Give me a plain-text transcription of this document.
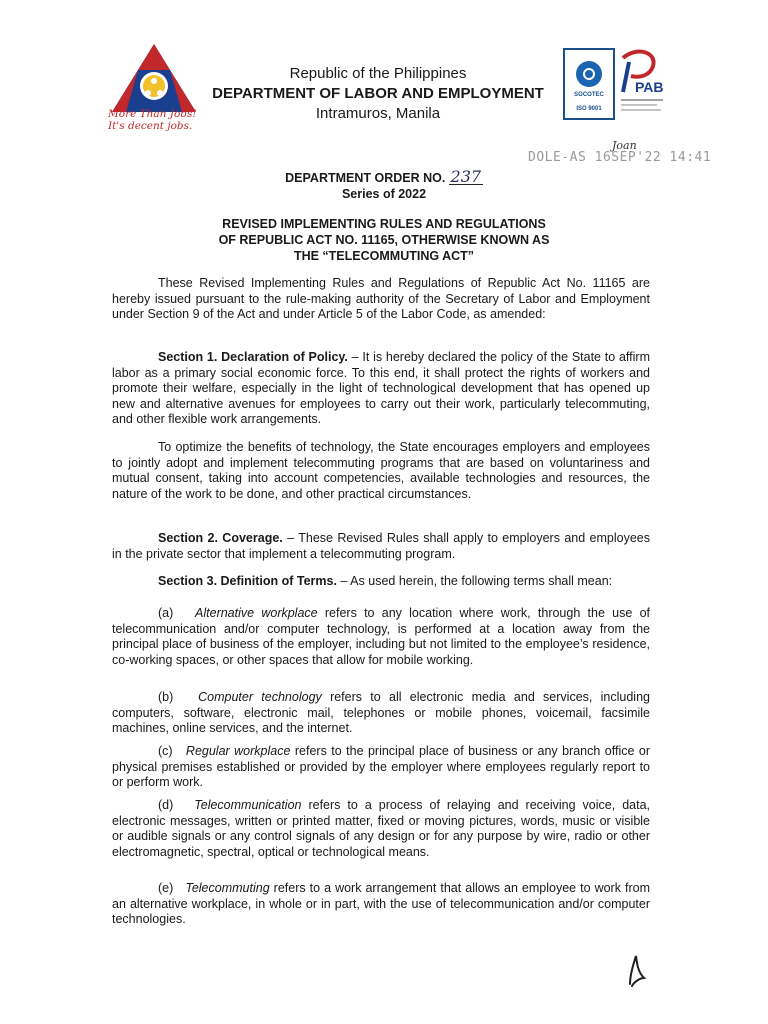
More Than Jobs!
It's decent jobs.
Republic of the Philippines
DEPARTMENT OF LABOR AND EMPLOYMENT
Intramuros, Manila
SOCOTEC
ISO 9001
PAB
Joan
DOLE-AS 16SEP'22 14:41
DEPARTMENT ORDER NO. 237
Series of 2022
REVISED IMPLEMENTING RULES AND REGULATIONS
OF REPUBLIC ACT NO. 11165, OTHERWISE KNOWN AS
THE “TELECOMMUTING ACT”

These Revised Implementing Rules and Regulations of Republic Act No. 11165 are hereby issued pursuant to the rule-making authority of the Secretary of Labor and Employment under Section 9 of the Act and under Article 5 of the Labor Code, as amended:

Section 1. Declaration of Policy. – It is hereby declared the policy of the State to affirm labor as a primary social economic force. To this end, it shall protect the rights of workers and promote their welfare, especially in the light of technological development that has opened up new and alternative avenues for employees to carry out their work, particularly telecommuting, and other flexible work arrangements.

To optimize the benefits of technology, the State encourages employers and employees to jointly adopt and implement telecommuting programs that are based on voluntariness and mutual consent, taking into account competencies, available technologies and resources, the nature of the work to be done, and other practical circumstances.

Section 2. Coverage. – These Revised Rules shall apply to employers and employees in the private sector that implement a telecommuting program.

Section 3. Definition of Terms. – As used herein, the following terms shall mean:

(a) Alternative workplace refers to any location where work, through the use of telecommunication and/or computer technology, is performed at a location away from the principal place of business of the employer, including but not limited to the employee’s residence, co-working spaces, or other spaces that allow for mobile working.

(b) Computer technology refers to all electronic media and services, including computers, software, electronic mail, telephones or mobile phones, voicemail, facsimile machines, online services, and the internet.

(c) Regular workplace refers to the principal place of business or any branch office or physical premises established or provided by the employer where employees regularly report to or perform work.

(d) Telecommunication refers to a process of relaying and receiving voice, data, electronic messages, written or printed matter, fixed or moving pictures, words, music or visible or audible signals or any control signals of any design or for any purpose by wire, radio or other electromagnetic, spectral, optical or technological means.

(e) Telecommuting refers to a work arrangement that allows an employee to work from an alternative workplace, in whole or in part, with the use of telecommunication and/or computer technologies.
